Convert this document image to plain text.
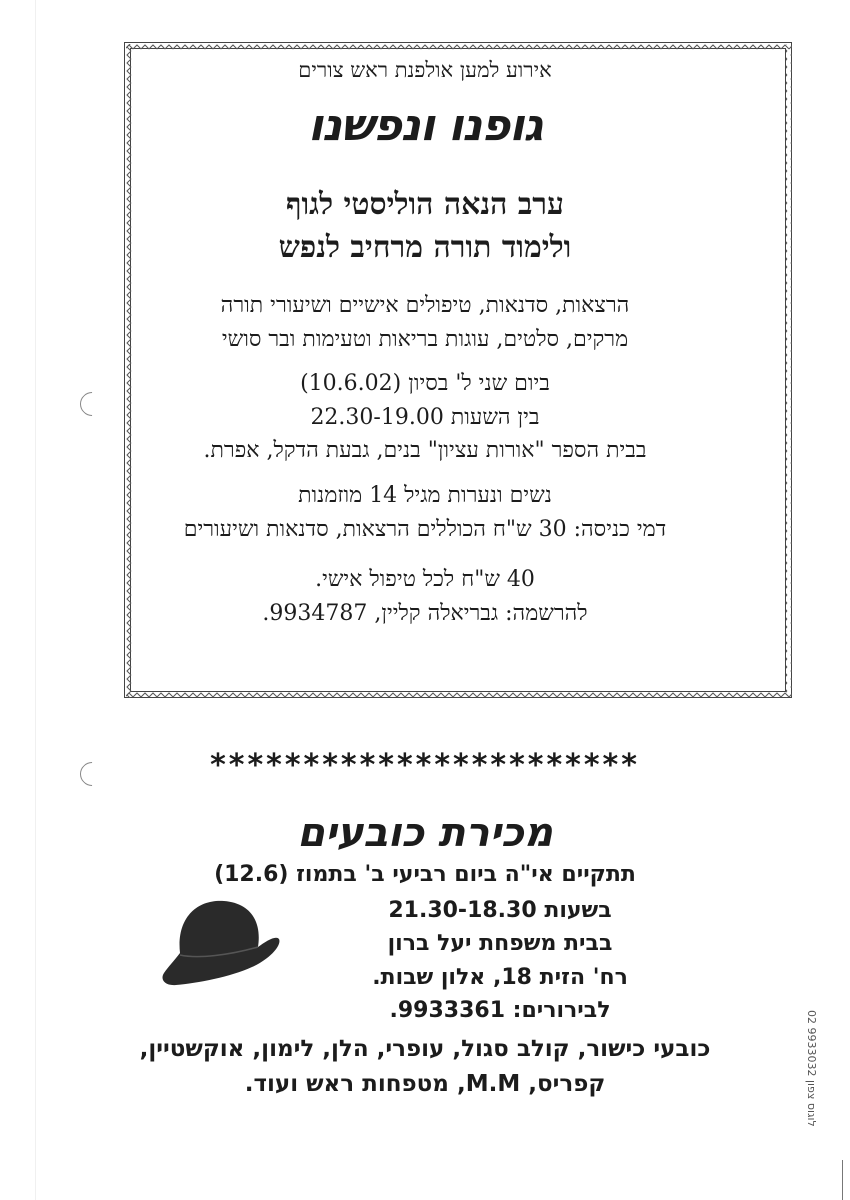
אירוע למען אולפנת ראש צורים
גופנו ונפשנו
ערב הנאה הוליסטי לגוף
ולימוד תורה מרחיב לנפש
הרצאות, סדנאות, טיפולים אישיים ושיעורי תורה
מרקים, סלטים, עוגות בריאות וטעימות ובר סושי
ביום שני ל' בסיון (10.6.02)
בין השעות 22.30-19.00
בבית הספר "אורות עציון" בנים, גבעת הדקל, אפרת.
נשים ונערות מגיל 14 מוזמנות
דמי כניסה: 30 ש"ח הכוללים הרצאות, סדנאות ושיעורים
40 ש"ח לכל טיפול אישי.
להרשמה: גבריאלה קליין, 9934787.
***********************
מכירת כובעים
תתקיים אי"ה ביום רביעי ב' בתמוז (12.6)
בשעות 21.30-18.30
בבית משפחת יעל ברון
רח' הזית 18, אלון שבות.
לבירורים: 9933361.
כובעי כישור, קולב סגול, עופרי, הלן, לימון, אוקשטיין,
קפריס, M.M, מטפחות ראש ועוד.
02 9933032 לוגוס צפון
